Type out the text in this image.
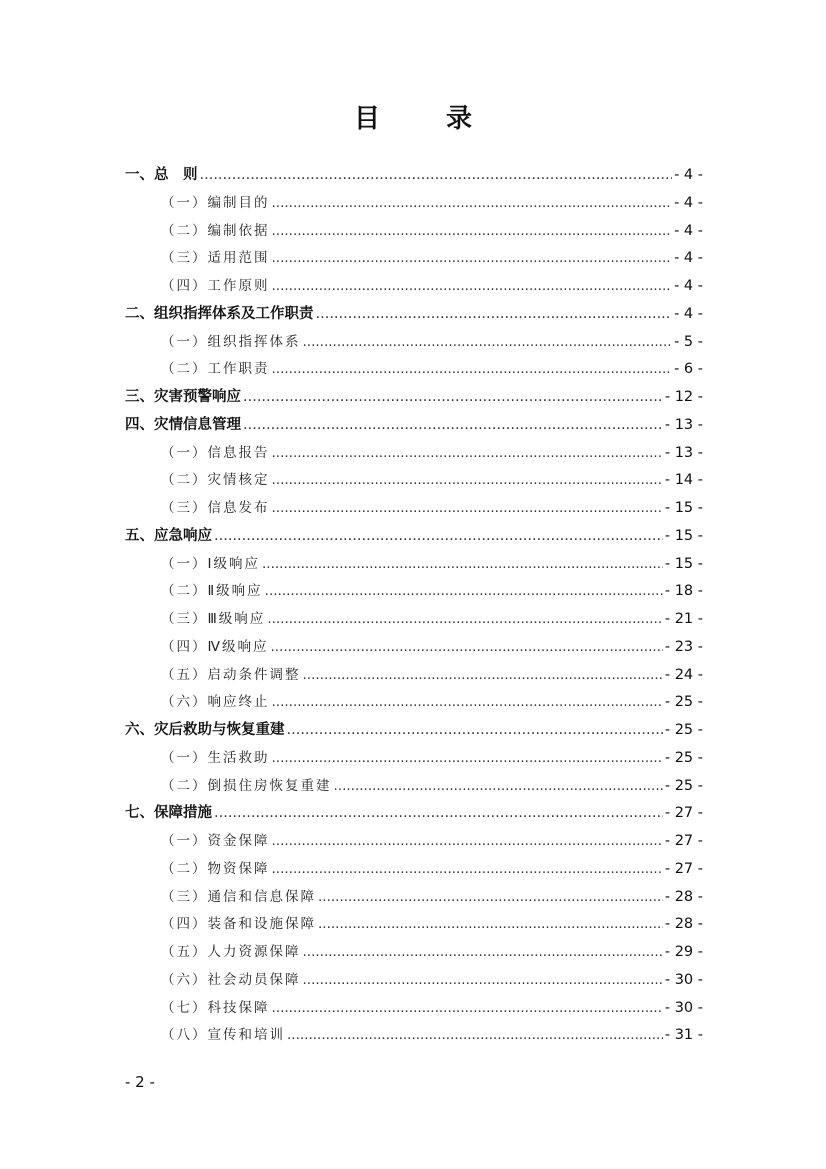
目　录
一、总　则 .....	- 4 -
（一）编制目的 .....	- 4 -
（二）编制依据 .....	- 4 -
（三）适用范围 .....	- 4 -
（四）工作原则 .....	- 4 -
二、组织指挥体系及工作职责 .....	- 4 -
（一）组织指挥体系 .....	- 5 -
（二）工作职责 .....	- 6 -
三、灾害预警响应 .....	- 12 -
四、灾情信息管理 .....	- 13 -
（一）信息报告 .....	- 13 -
（二）灾情核定 .....	- 14 -
（三）信息发布 .....	- 15 -
五、应急响应 .....	- 15 -
（一）Ⅰ级响应 .....	- 15 -
（二）Ⅱ级响应 .....	- 18 -
（三）Ⅲ级响应 .....	- 21 -
（四）Ⅳ级响应 .....	- 23 -
（五）启动条件调整 .....	- 24 -
（六）响应终止 .....	- 25 -
六、灾后救助与恢复重建 .....	- 25 -
（一）生活救助 .....	- 25 -
（二）倒损住房恢复重建 .....	- 25 -
七、保障措施 .....	- 27 -
（一）资金保障 .....	- 27 -
（二）物资保障 .....	- 27 -
（三）通信和信息保障 .....	- 28 -
（四）装备和设施保障 .....	- 28 -
（五）人力资源保障 .....	- 29 -
（六）社会动员保障 .....	- 30 -
（七）科技保障 .....	- 30 -
（八）宣传和培训 .....	- 31 -
- 2 -
